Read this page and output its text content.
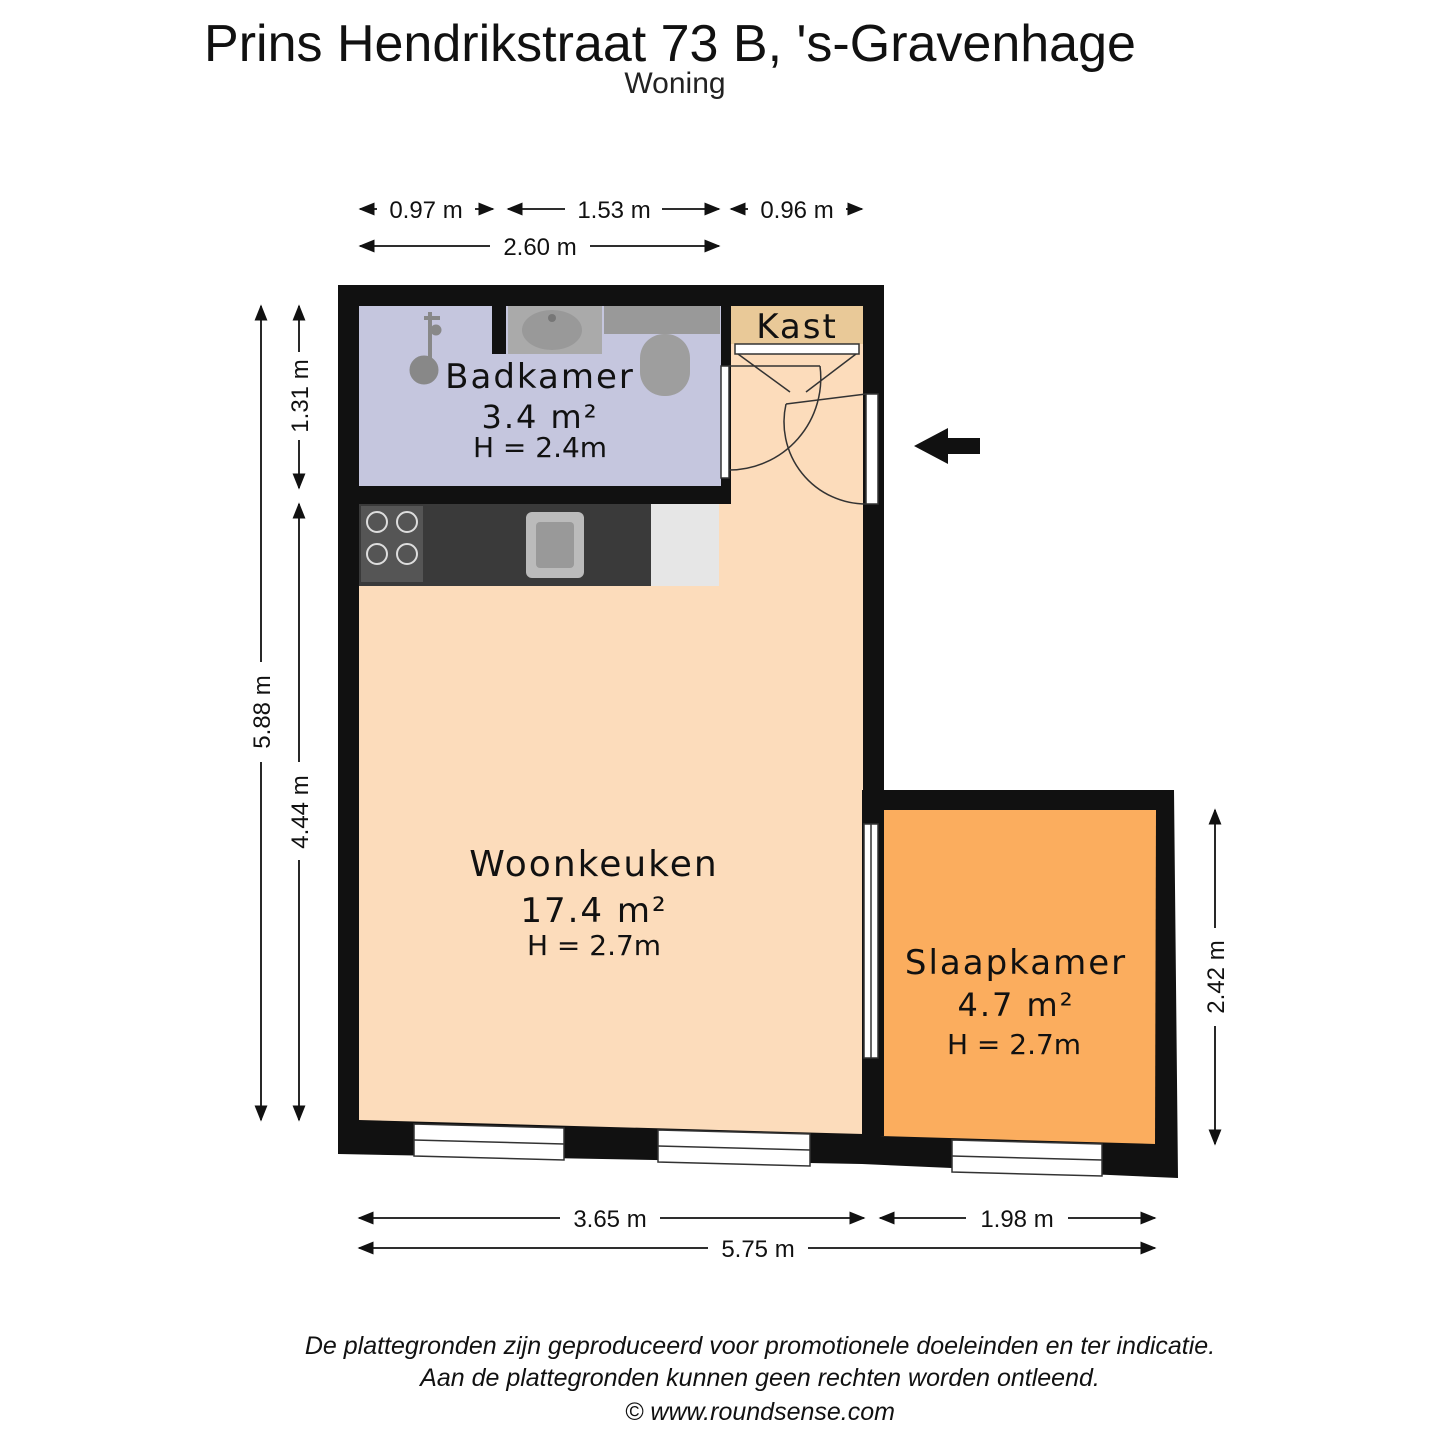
Prins Hendrikstraat 73 B, 's-Gravenhage
Woning
Badkamer
3.4 m²
H = 2.4m
Kast
Woonkeuken
17.4 m²
H = 2.7m	Slaapkamer
4.7 m²
H = 2.7m
0.97 m	1.53 m	0.96 m
2.60 m
5.88 m
1.31 m
4.44 m
2.42 m
3.65 m	1.98 m
5.75 m
De plattegronden zijn geproduceerd voor promotionele doeleinden en ter indicatie.
Aan de plattegronden kunnen geen rechten worden ontleend.
© www.roundsense.com
